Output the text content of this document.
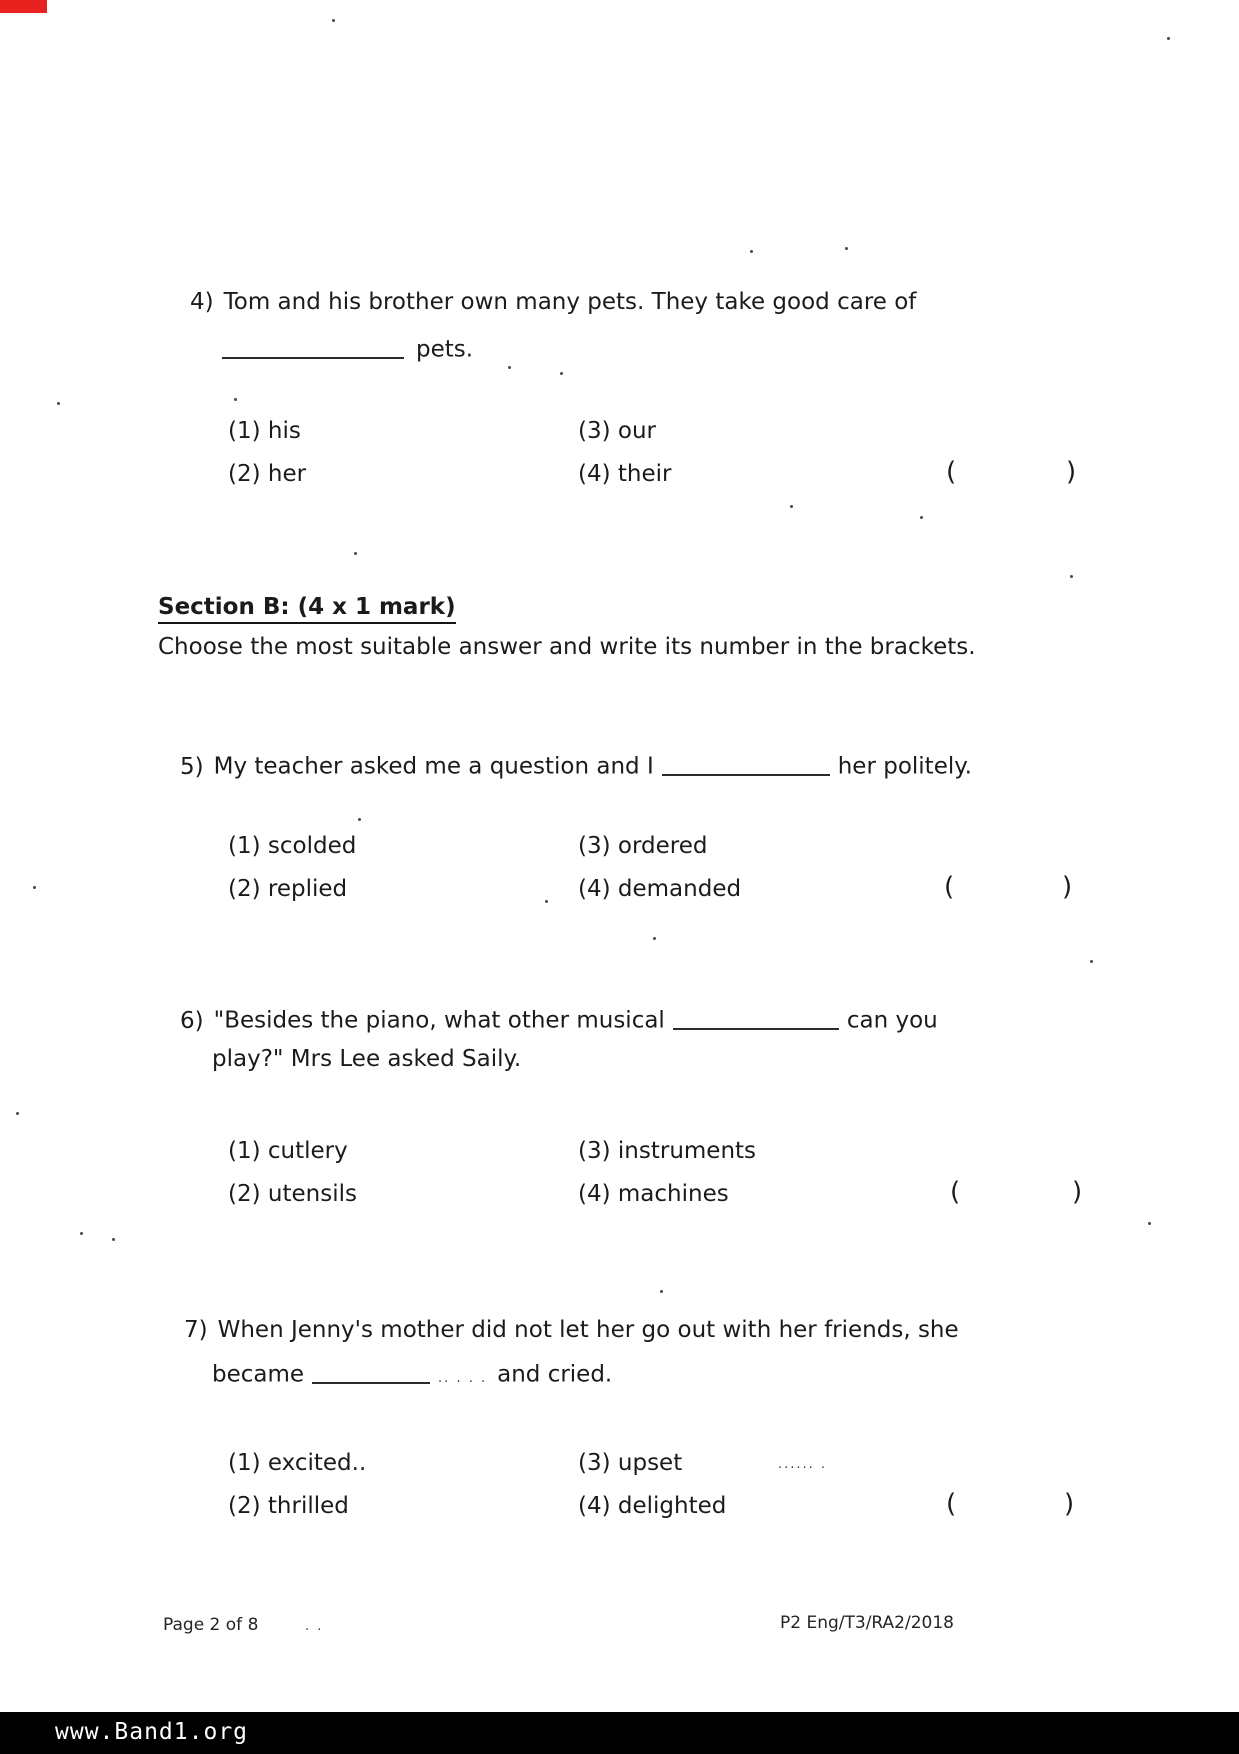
4) Tom and his brother own many pets. They take good care of
pets.
(1) his	(3) our
(2) her	(4) their	(	)
Section B: (4 x 1 mark)
Choose the most suitable answer and write its number in the brackets.
5) My teacher asked me a question and I	her politely.
(1) scolded	(3) ordered
(2) replied	(4) demanded	(	)
6) "Besides the piano, what other musical	can you
play?" Mrs Lee asked Saily.
(1) cutlery	(3) instruments
(2) utensils	(4) machines	(	)
7) When Jenny's mother did not let her go out with her friends, she
became	.. . . . and cried.
(1) excited..	(3) upset	...... .
(2) thrilled	(4) delighted	(	)
Page 2 of 8	. .	P2 Eng/T3/RA2/2018
www.Band1.org
